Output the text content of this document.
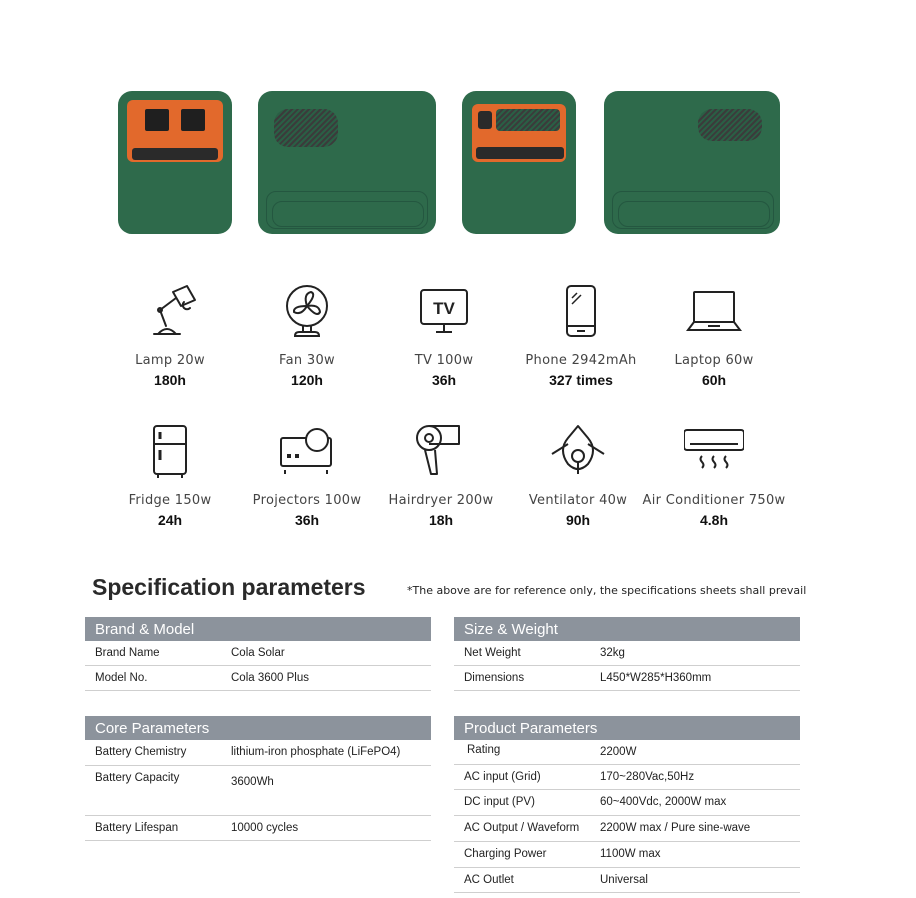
Lamp 20w
180h
Fan 30w
120h
TV
TV 100w
36h
Phone 2942mAh
327 times
Laptop 60w
60h
Fridge 150w
24h
Projectors 100w
36h
Hairdryer 200w
18h
Ventilator 40w
90h
Air Conditioner 750w
4.8h
Specification parameters	*The above are for reference only, the specifications sheets shall prevail
Brand & Model
Brand Name	Cola Solar
Model No.	Cola 3600 Plus
Size & Weight
Net Weight	32kg
Dimensions	L450*W285*H360mm
Core Parameters
Battery Chemistry	lithium-iron phosphate (LiFePO4)
Battery Capacity	3600Wh
Battery Lifespan	10000 cycles
Product Parameters
Rating	2200W
AC input (Grid)	170~280Vac,50Hz
DC input (PV)	60~400Vdc, 2000W max
AC Output / Waveform 2200W max / Pure sine-wave
Charging Power	1100W max
AC Outlet	Universal
